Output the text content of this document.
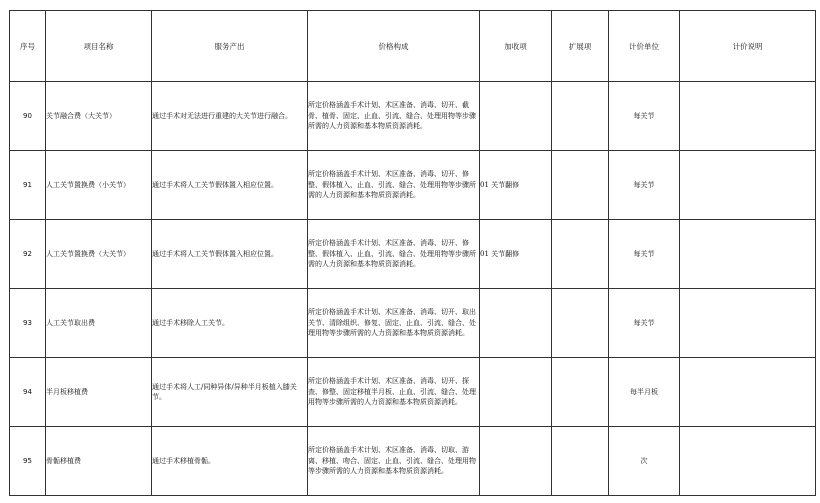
序号	项目名称	服务产出	价格构成	加收项	扩展项	计价单位	计价说明
90	关节融合费（大关节）	通过手术对无法进行重建的大关节进行融合。	所定价格涵盖手术计划、术区准备、消毒、切开、截骨、植骨、固定、止血、引流、缝合、处理用物等步骤所需的人力资源和基本物质资源消耗。			每关节	
91	人工关节置换费（小关节）	通过手术将人工关节假体置入相应位置。	所定价格涵盖手术计划、术区准备、消毒、切开、修整、假体植入、止血、引流、缝合、处理用物等步骤所需的人力资源和基本物质资源消耗。	01 关节翻修		每关节	
92	人工关节置换费（大关节）	通过手术将人工关节假体置入相应位置。	所定价格涵盖手术计划、术区准备、消毒、切开、修整、假体植入、止血、引流、缝合、处理用物等步骤所需的人力资源和基本物质资源消耗。	01 关节翻修		每关节	
93	人工关节取出费	通过手术移除人工关节。	所定价格涵盖手术计划、术区准备、消毒、切开、取出关节、清除组织、修复、固定、止血、引流、缝合、处理用物等步骤所需的人力资源和基本物质资源消耗。			每关节	
94	半月板移植费	通过手术将人工/同种异体/异种半月板植入膝关节。	所定价格涵盖手术计划、术区准备、消毒、切开、探查、修整、固定移植半月板、止血、引流、缝合、处理用物等步骤所需的人力资源和基本物质资源消耗。			每半月板	
95	骨骺移植费	通过手术移植骨骺。	所定价格涵盖手术计划、术区准备、消毒、切取、游离、移植、吻合、固定、止血、引流、缝合、处理用物等步骤所需的人力资源和基本物质资源消耗。			次	
